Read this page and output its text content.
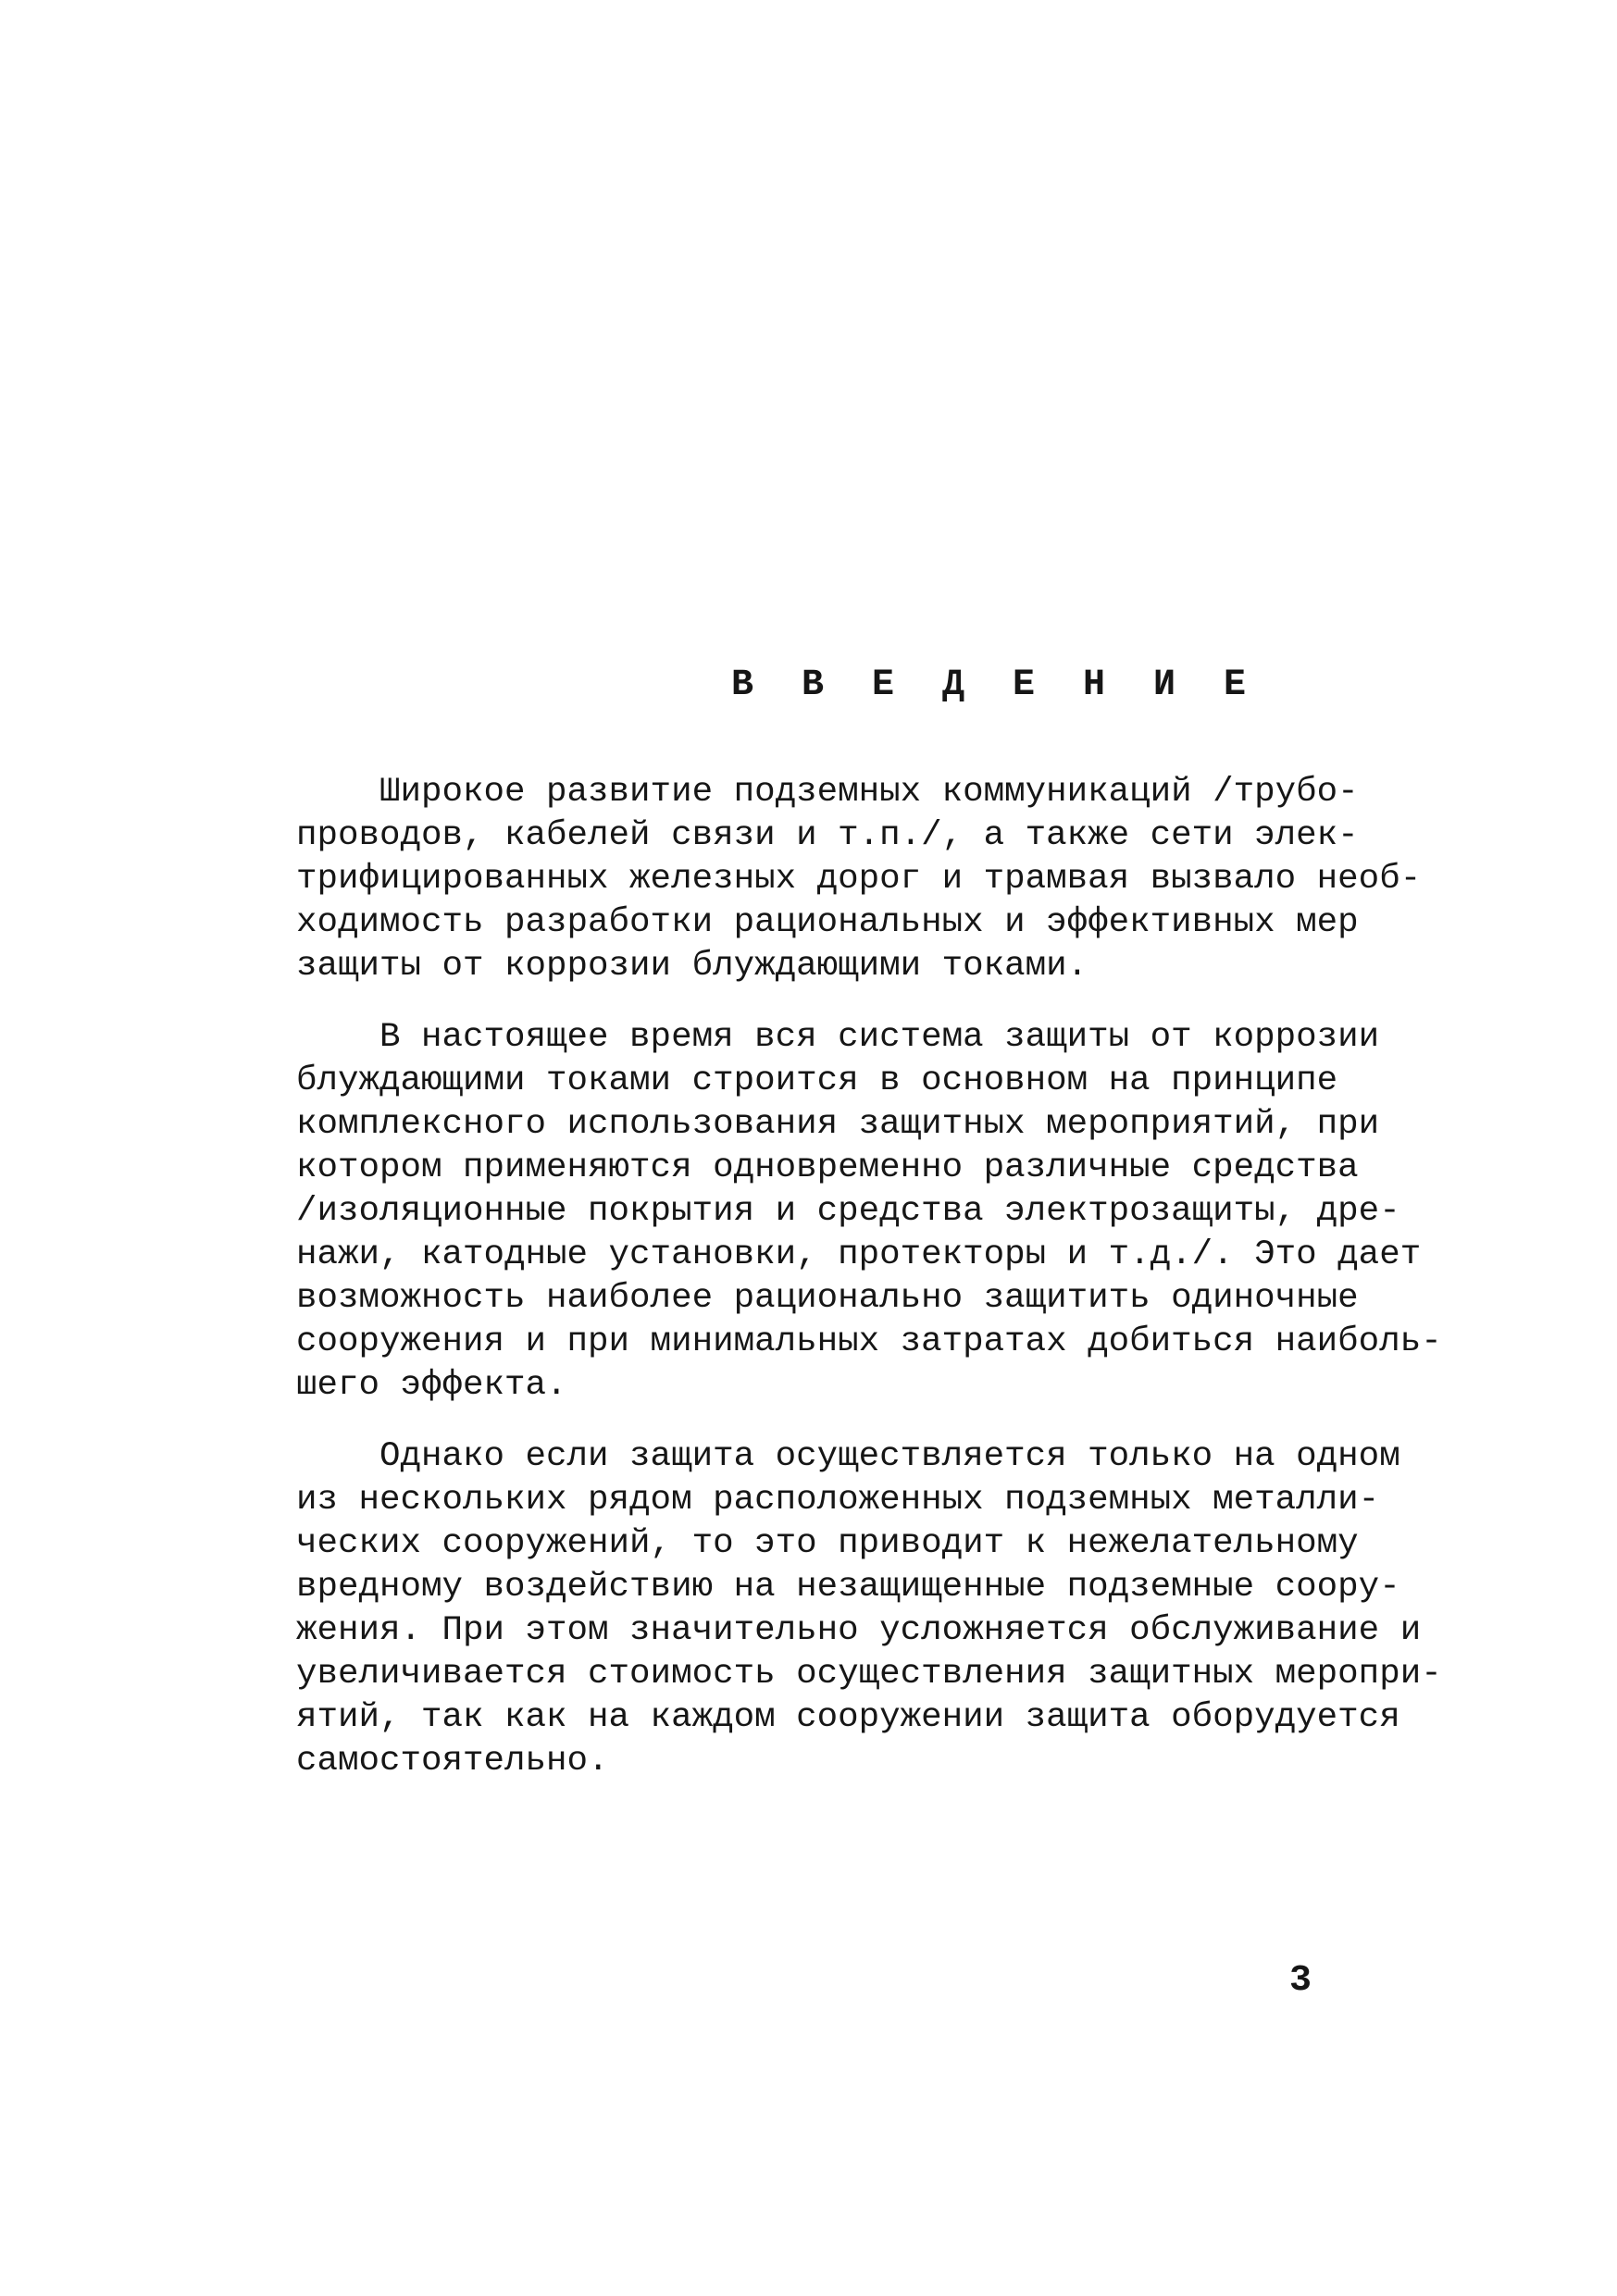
В В Е Д Е Н И Е
Широкое развитие подземных коммуникаций /трубо-
проводов, кабелей связи и т.п./, а также сети элек-
трифицированных железных дорог и трамвая вызвало необ-
ходимость разработки рациональных и эффективных мер
защиты от коррозии блуждающими токами.
В настоящее время вся система защиты от коррозии
блуждающими токами строится в основном на принципе
комплексного использования защитных мероприятий, при
котором применяются одновременно различные средства
/изоляционные покрытия и средства электрозащиты, дре-
нажи, катодные установки, протекторы и т.д./. Это дает
возможность наиболее рационально защитить одиночные
сооружения и при минимальных затратах добиться наиболь-
шего эффекта.
Однако если защита осуществляется только на одном
из нескольких рядом расположенных подземных металли-
ческих сооружений, то это приводит к нежелательному
вредному воздействию на незащищенные подземные соору-
жения. При этом значительно усложняется обслуживание и
увеличивается стоимость осуществления защитных меропри-
ятий, так как на каждом сооружении защита оборудуется
самостоятельно.
3
